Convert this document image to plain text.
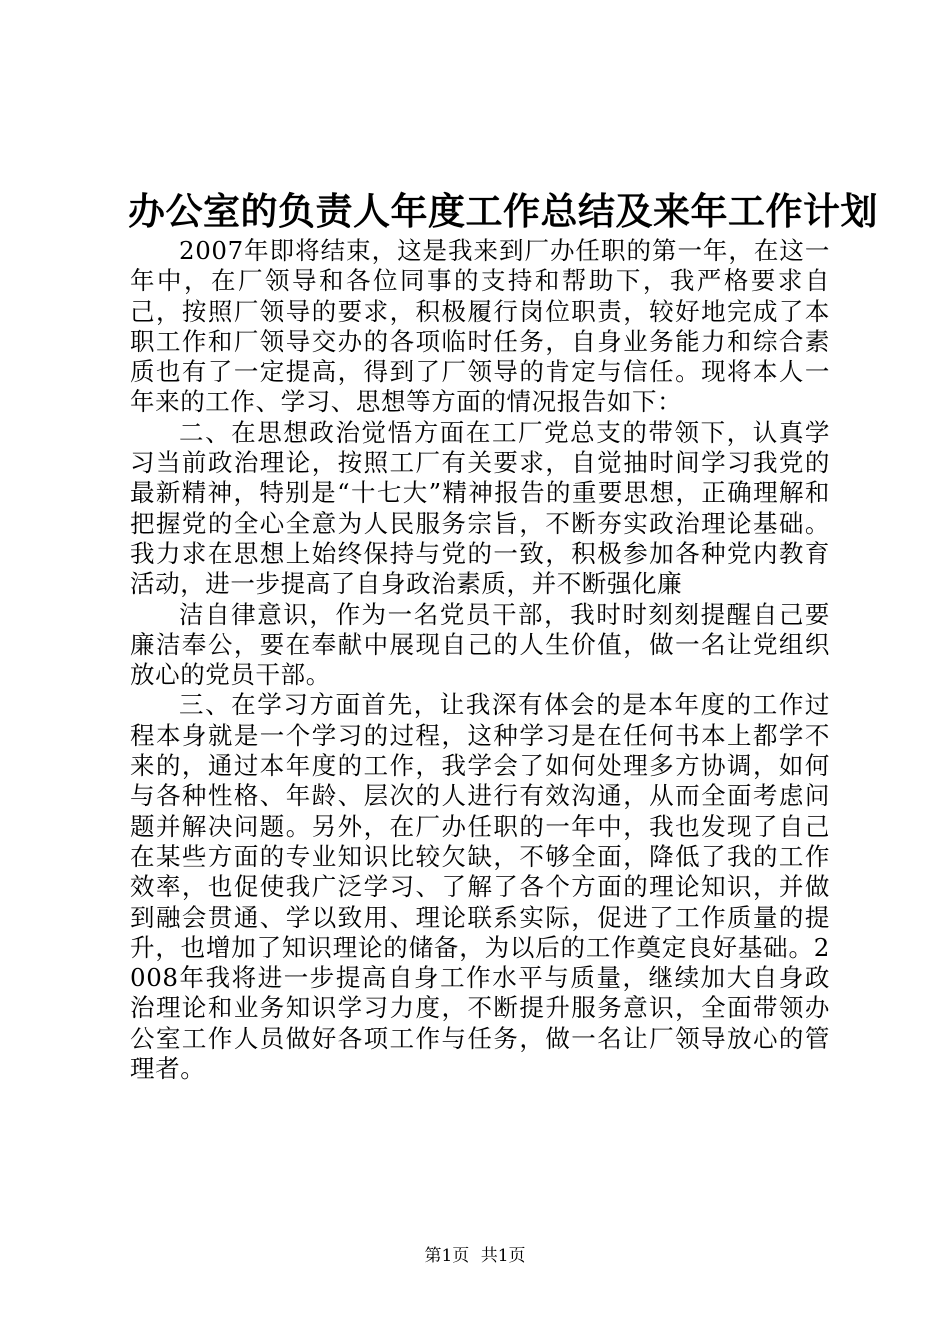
办公室的负责人年度工作总结及来年工作计划

2007年即将结束，这是我来到厂办任职的第一年，在这一年中，在厂领导和各位同事的支持和帮助下，我严格要求自己，按照厂领导的要求，积极履行岗位职责，较好地完成了本职工作和厂领导交办的各项临时任务，自身业务能力和综合素质也有了一定提高，得到了厂领导的肯定与信任。现将本人一年来的工作、学习、思想等方面的情况报告如下：

二、在思想政治觉悟方面在工厂党总支的带领下，认真学习当前政治理论，按照工厂有关要求，自觉抽时间学习我党的最新精神，特别是“十七大”精神报告的重要思想，正确理解和把握党的全心全意为人民服务宗旨，不断夯实政治理论基础。我力求在思想上始终保持与党的一致，积极参加各种党内教育活动，进一步提高了自身政治素质，并不断强化廉

洁自律意识，作为一名党员干部，我时时刻刻提醒自己要廉洁奉公，要在奉献中展现自己的人生价值，做一名让党组织放心的党员干部。

三、在学习方面首先，让我深有体会的是本年度的工作过程本身就是一个学习的过程，这种学习是在任何书本上都学不来的，通过本年度的工作，我学会了如何处理多方协调，如何与各种性格、年龄、层次的人进行有效沟通，从而全面考虑问题并解决问题。另外，在厂办任职的一年中，我也发现了自己在某些方面的专业知识比较欠缺，不够全面，降低了我的工作效率，也促使我广泛学习、了解了各个方面的理论知识，并做到融会贯通、学以致用、理论联系实际，促进了工作质量的提升，也增加了知识理论的储备，为以后的工作奠定良好基础。2008年我将进一步提高自身工作水平与质量，继续加大自身政治理论和业务知识学习力度，不断提升服务意识，全面带领办公室工作人员做好各项工作与任务，做一名让厂领导放心的管理者。

第1页 共1页
